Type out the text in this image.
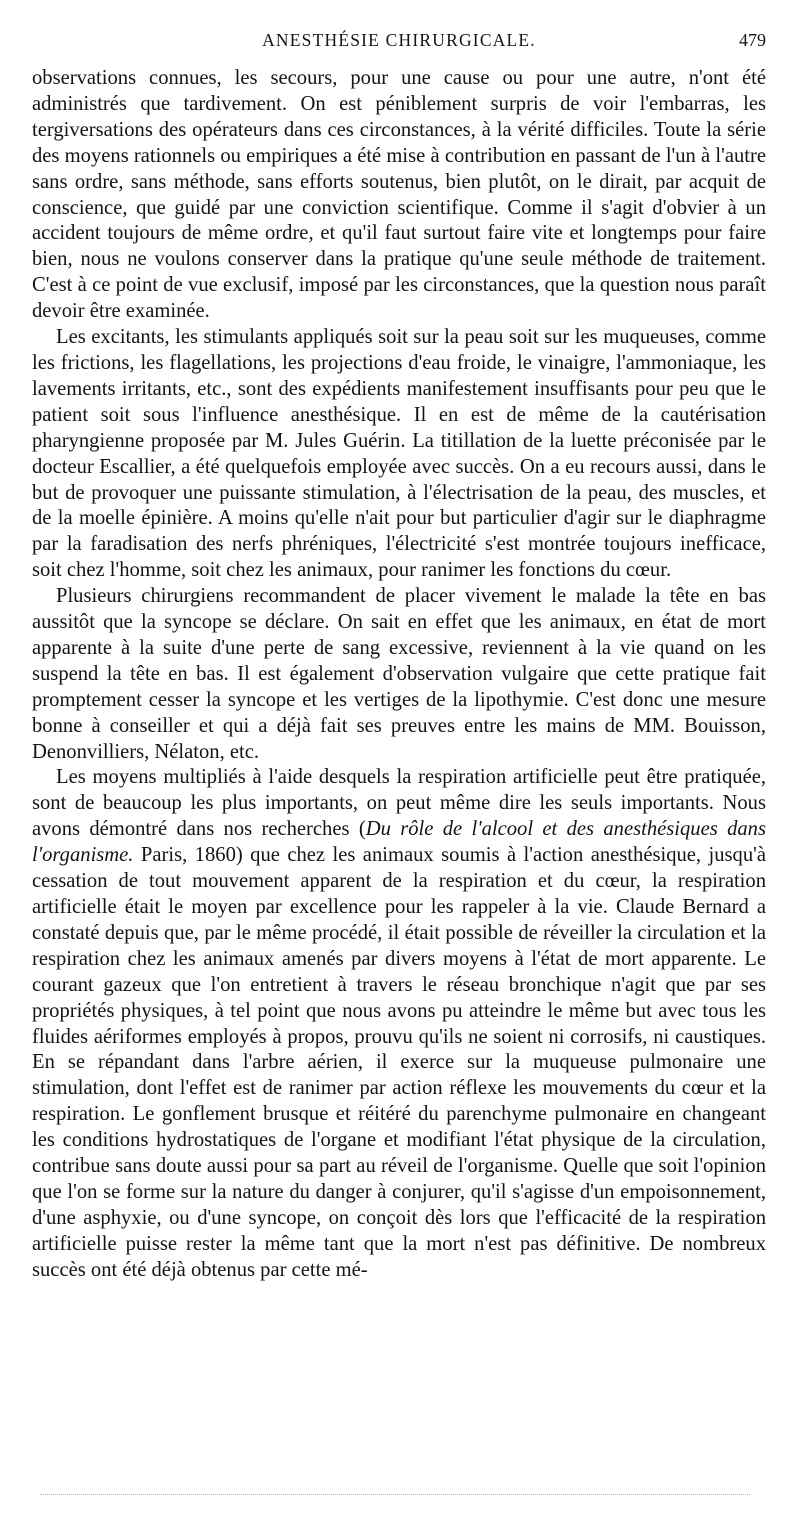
ANESTHÉSIE CHIRURGICALE.	479

observations connues, les secours, pour une cause ou pour une autre, n'ont été administrés que tardivement. On est péniblement surpris de voir l'embarras, les tergiversations des opérateurs dans ces circonstances, à la vérité difficiles. Toute la série des moyens rationnels ou empiriques a été mise à contribution en passant de l'un à l'autre sans ordre, sans méthode, sans efforts soutenus, bien plutôt, on le dirait, par acquit de conscience, que guidé par une conviction scientifique. Comme il s'agit d'obvier à un accident toujours de même ordre, et qu'il faut surtout faire vite et longtemps pour faire bien, nous ne voulons conserver dans la pratique qu'une seule méthode de traitement. C'est à ce point de vue exclusif, imposé par les circonstances, que la question nous paraît devoir être examinée.

Les excitants, les stimulants appliqués soit sur la peau soit sur les muqueuses, comme les frictions, les flagellations, les projections d'eau froide, le vinaigre, l'ammoniaque, les lavements irritants, etc., sont des expédients manifestement insuffisants pour peu que le patient soit sous l'influence anesthésique. Il en est de même de la cautérisation pharyngienne proposée par M. Jules Guérin. La titillation de la luette préconisée par le docteur Escallier, a été quelquefois employée avec succès. On a eu recours aussi, dans le but de provoquer une puissante stimulation, à l'électrisation de la peau, des muscles, et de la moelle épinière. A moins qu'elle n'ait pour but particulier d'agir sur le diaphragme par la faradisation des nerfs phréniques, l'électricité s'est montrée toujours inefficace, soit chez l'homme, soit chez les animaux, pour ranimer les fonctions du cœur.

Plusieurs chirurgiens recommandent de placer vivement le malade la tête en bas aussitôt que la syncope se déclare. On sait en effet que les animaux, en état de mort apparente à la suite d'une perte de sang excessive, reviennent à la vie quand on les suspend la tête en bas. Il est également d'observation vulgaire que cette pratique fait promptement cesser la syncope et les vertiges de la lipothymie. C'est donc une mesure bonne à conseiller et qui a déjà fait ses preuves entre les mains de MM. Bouisson, Denonvilliers, Nélaton, etc.

Les moyens multipliés à l'aide desquels la respiration artificielle peut être pratiquée, sont de beaucoup les plus importants, on peut même dire les seuls importants. Nous avons démontré dans nos recherches (Du rôle de l'alcool et des anesthésiques dans l'organisme. Paris, 1860) que chez les animaux soumis à l'action anesthésique, jusqu'à cessation de tout mouvement apparent de la respiration et du cœur, la respiration artificielle était le moyen par excellence pour les rappeler à la vie. Claude Bernard a constaté depuis que, par le même procédé, il était possible de réveiller la circulation et la respiration chez les animaux amenés par divers moyens à l'état de mort apparente. Le courant gazeux que l'on entretient à travers le réseau bronchique n'agit que par ses propriétés physiques, à tel point que nous avons pu atteindre le même but avec tous les fluides aériformes employés à propos, prouvu qu'ils ne soient ni corrosifs, ni caustiques. En se répandant dans l'arbre aérien, il exerce sur la muqueuse pulmonaire une stimulation, dont l'effet est de ranimer par action réflexe les mouvements du cœur et la respiration. Le gonflement brusque et réitéré du parenchyme pulmonaire en changeant les conditions hydrostatiques de l'organe et modifiant l'état physique de la circulation, contribue sans doute aussi pour sa part au réveil de l'organisme. Quelle que soit l'opinion que l'on se forme sur la nature du danger à conjurer, qu'il s'agisse d'un empoisonnement, d'une asphyxie, ou d'une syncope, on conçoit dès lors que l'efficacité de la respiration artificielle puisse rester la même tant que la mort n'est pas définitive. De nombreux succès ont été déjà obtenus par cette mé-
